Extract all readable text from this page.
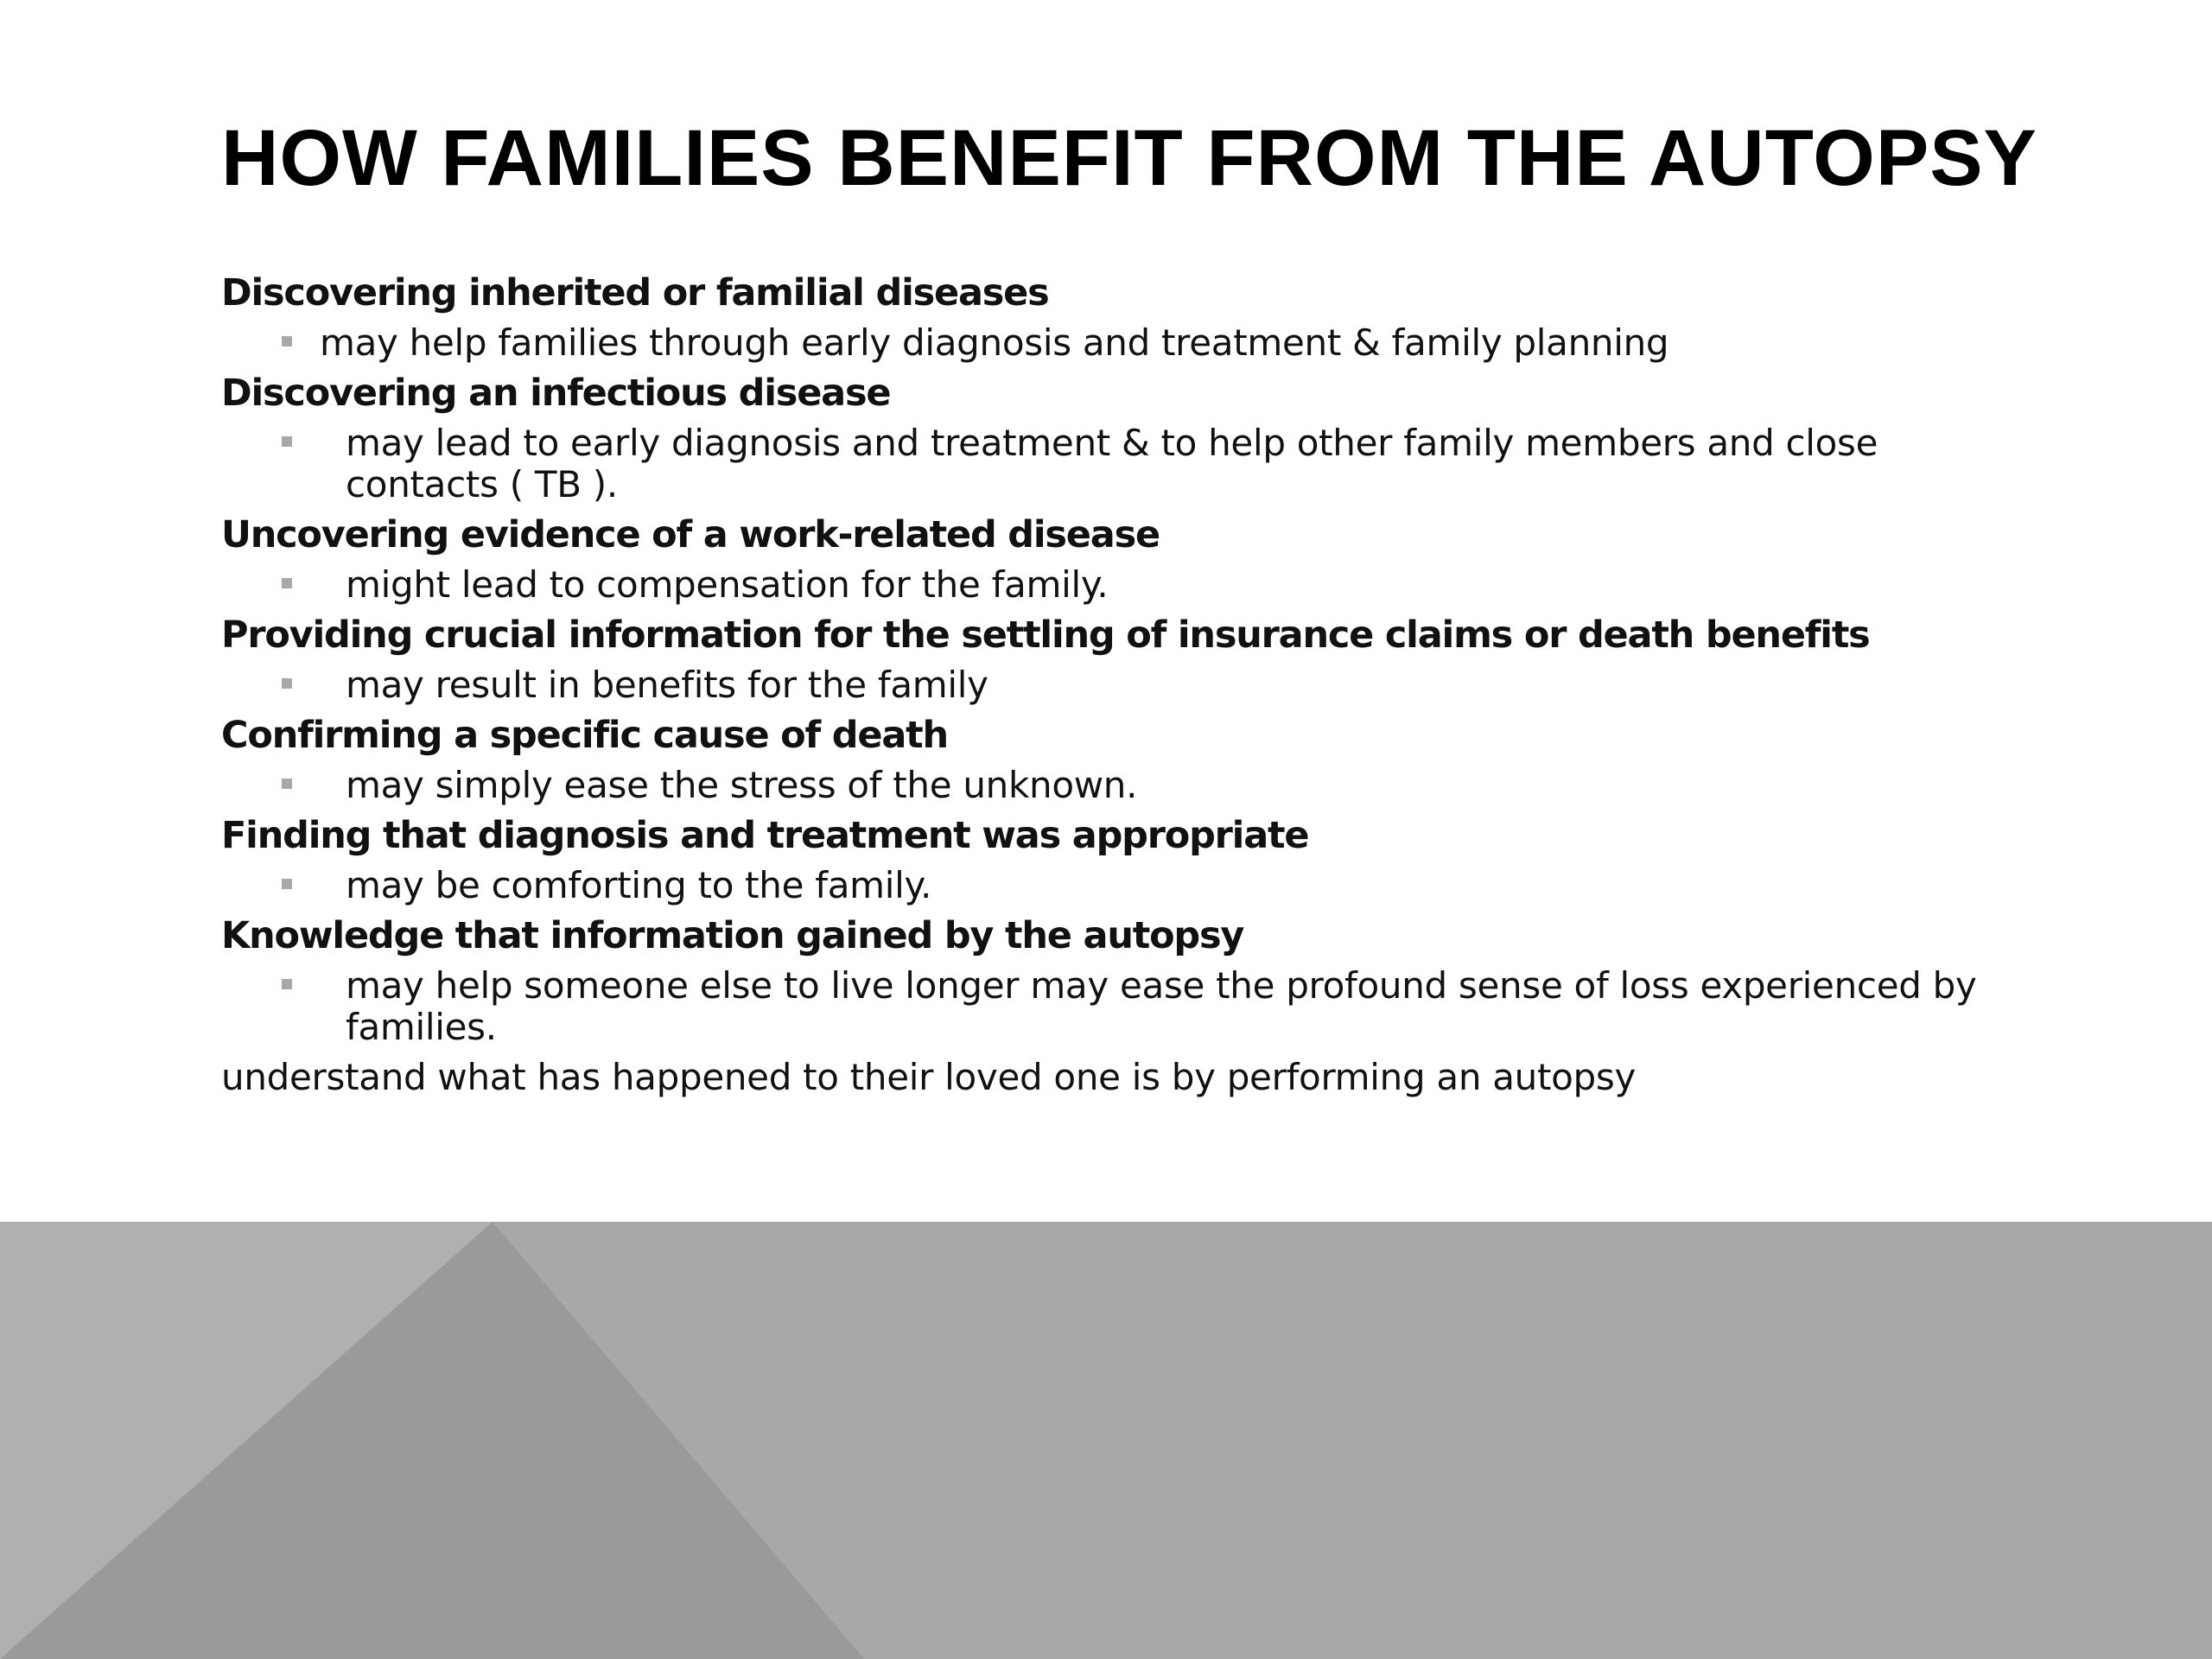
HOW FAMILIES BENEFIT FROM THE AUTOPSY
Discovering inherited or familial diseases
may help families through early diagnosis and treatment & family planning
Discovering an infectious disease
may lead to early diagnosis and treatment & to help other family members and close contacts ( TB ).
Uncovering evidence of a work-related disease
might lead to compensation for the family.
Providing crucial information for the settling of insurance claims or death benefits
may result in benefits for the family
Confirming a specific cause of death
may simply ease the stress of the unknown.
Finding that diagnosis and treatment was appropriate
may be comforting to the family.
Knowledge that information gained by the autopsy
may help someone else to live longer may ease the profound sense of loss experienced by families.
understand what has happened to their loved one is by performing an autopsy
